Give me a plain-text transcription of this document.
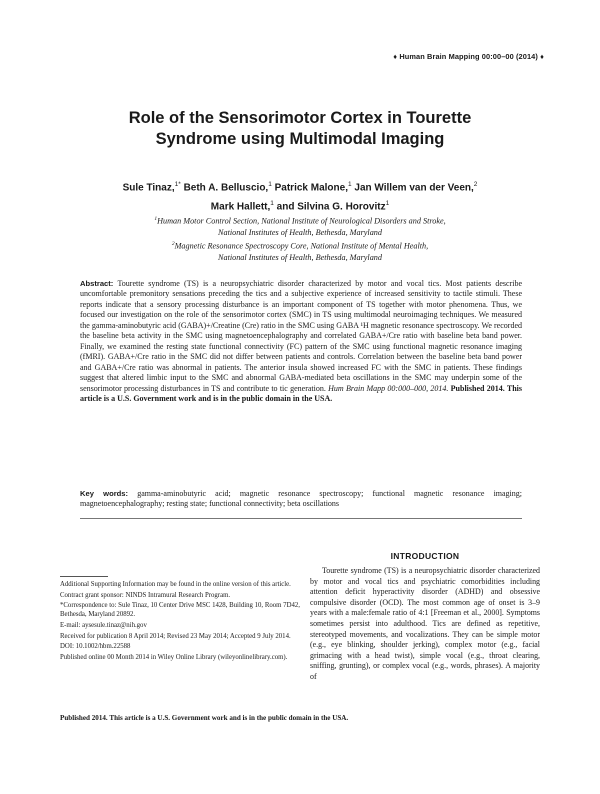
♦ Human Brain Mapping 00:00–00 (2014) ♦
Role of the Sensorimotor Cortex in Tourette
Syndrome using Multimodal Imaging
Sule Tinaz,$^{1*}$ Beth A. Belluscio,$^1$ Patrick Malone,$^1$ Jan Willem van der Veen,$^2$
Mark Hallett,$^1$ and Silvina G. Horovitz$^1$
$^1$Human Motor Control Section, National Institute of Neurological Disorders and Stroke,
National Institutes of Health, Bethesda, Maryland
$^2$Magnetic Resonance Spectroscopy Core, National Institute of Mental Health,
National Institutes of Health, Bethesda, Maryland
Abstract: Tourette syndrome (TS) is a neuropsychiatric disorder characterized by motor and vocal tics. Most patients describe uncomfortable premonitory sensations preceding the tics and a subjective experience of increased sensitivity to tactile stimuli. These reports indicate that a sensory processing disturbance is an important component of TS together with motor phenomena. Thus, we focused our investigation on the role of the sensorimotor cortex (SMC) in TS using multimodal neuroimaging techniques. We measured the gamma-aminobutyric acid (GABA)+/Creatine (Cre) ratio in the SMC using GABA ¹H magnetic resonance spectroscopy. We recorded the baseline beta activity in the SMC using magnetoencephalography and correlated GABA+/Cre ratio with baseline beta band power. Finally, we examined the resting state functional connectivity (FC) pattern of the SMC using functional magnetic resonance imaging (fMRI). GABA+/Cre ratio in the SMC did not differ between patients and controls. Correlation between the baseline beta band power and GABA+/Cre ratio was abnormal in patients. The anterior insula showed increased FC with the SMC in patients. These findings suggest that altered limbic input to the SMC and abnormal GABA-mediated beta oscillations in the SMC may underpin some of the sensorimotor processing disturbances in TS and contribute to tic generation. Hum Brain Mapp 00:000–000, 2014. Published 2014. This article is a U.S. Government work and is in the public domain in the USA.
Key words: gamma-aminobutyric acid; magnetic resonance spectroscopy; functional magnetic resonance imaging; magnetoencephalography; resting state; functional connectivity; beta oscillations

Additional Supporting Information may be found in the online version of this article.

Contract grant sponsor: NINDS Intramural Research Program.

*Correspondence to: Sule Tinaz, 10 Center Drive MSC 1428, Building 10, Room 7D42, Bethesda, Maryland 20892.

E-mail: aysesule.tinaz@nih.gov

Received for publication 8 April 2014; Revised 23 May 2014; Accepted 9 July 2014.

DOI: 10.1002/hbm.22588

Published online 00 Month 2014 in Wiley Online Library (wileyonlinelibrary.com).

INTRODUCTION
Tourette syndrome (TS) is a neuropsychiatric disorder characterized by motor and vocal tics and psychiatric comorbidities including attention deficit hyperactivity disorder (ADHD) and obsessive compulsive disorder (OCD). The most common age of onset is 3–9 years with a male:female ratio of 4:1 [Freeman et al., 2000]. Symptoms sometimes persist into adulthood. Tics are defined as repetitive, stereotyped movements, and vocalizations. They can be simple motor (e.g., eye blinking, shoulder jerking), complex motor (e.g., facial grimacing with a head twist), simple vocal (e.g., throat clearing, sniffing, grunting), or complex vocal (e.g., words, phrases). A majority of
Published 2014. This article is a U.S. Government work and is in the public domain in the USA.
